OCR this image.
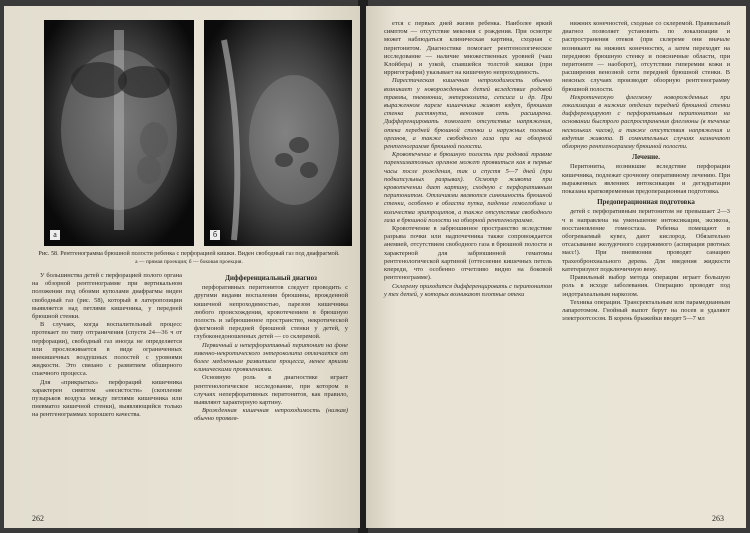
a	б
Рис. 58. Рентгенограмма брюшной полости ребенка с перфорацией кишки. Виден свободный газ под диафрагмой.
а — прямая проекция; б — боковая проекция.

У большинства детей с перфорацией полого органа на обзорной рентгенограмме при вертикальном положении под обоими куполами диафрагмы виден свободный газ (рис. 58), который в латеропозиции выявляется над петлями кишечника, у передней брюшной стенки.

В случаях, когда воспалительный процесс протекает по типу отграничения (спустя 24—36 ч от перфорации), свободный газ иногда не определяется или прослеживается в виде ограниченных внекишечных воздушных полостей с уровнями жидкости. Это связано с развитием обширного спаечного процесса.

Для «прикрытых» перфораций кишечника характерен симптом «несистости» (скопление пузырьков воздуха между петлями кишечника или пневматоз кишечной стенки), выявляющийся только на рентгенограммах хорошего качества.

Дифференциальный диагноз

перфоративных перитонитов следует проводить с другими видами воспаления брюшины, врожденной кишечной непроходимостью, парезом кишечника любого происхождения, кровотечением в брюшную полость и забрюшинное пространство, некротической флегмоной передней брюшной стенки у детей, у глубоконедоношенных детей — со склеремой.

Первичный и неперфоративный перитонит на фоне язвенно-некротического энтероколита отличается от более медленным развитием процесса, менее яркими клиническими проявлениями.

Основную роль в диагностике играет рентгенологическое исследование, при котором в случаях неперфоративных перитонитов, как правило, выявляют характерную картину.

Врожденная кишечная непроходимость (низкая) обычно проявля-

262

ется с первых дней жизни ребенка. Наиболее яркий симптом — отсутствие мекония с рождения. При осмотре может наблюдаться клиническая картина, сходная с перитонитом. Диагностике помогает рентгенологическое исследование — наличие множественных уровней (чаш Клойбера) и узкой, спавшейся толстой кишки (при ирригографии) указывает на кишечную непроходимость.

Парестическая кишечная непроходимость обычно возникает у новорожденных детей вследствие родовой травмы, пневмонии, энтероколита, сепсиса и др. При выраженном парезе кишечника живот вздут, брюшная стенка растянута, венозная сеть расширена. Дифференцировать помогает отсутствие напряжения, отека передней брюшной стенки и наружных половых органов, а также свободного газа при на обзорной рентгенограмме брюшной полости.

Кровотечение в брюшную полость при родовой травме паренхиматозных органов может проявиться как в первые часы после рождения, так и спустя 5—7 дней (при подкапсульных разрывах). Осмотр живота при кровотечении дает картину, сходную с перфоративным перитонитом. Отличиями являются синюшность брюшной стенки, особенно в области пупка, падение гемоглобина и количества эритроцитов, а также отсутствие свободного газа в брюшной полости на обзорной рентгенограмме.

Кровотечение в забрюшинное пространство вследствие разрыва почки или надпочечника также сопровождается анемией, отсутствием свободного газа в брюшной полости и характерной для забрюшинной гематомы рентгенологической картиной (оттеснение кишечных петель кпереди, что особенно отчетливо видно на боковой рентгенограмме).

Склерему приходится дифференцировать с перитонитом у тех детей, у которых возникают плотные отеки

нижних конечностей, сходные со склеремой. Правильный диагноз позволяет установить по локализации и распространения отеков (при склереме они вначале возникают на нижних конечностях, а затем переходят на переднюю брюшную стенку и поясничные области, при перитоните — наоборот), отсутствии гиперемии кожи и расширения венозной сети передней брюшной стенки. В неясных случаях производят обзорную рентгенограмму брюшной полости.

Некротическую флегмону новорожденных при локализации в нижних отделах передней брюшной стенки дифференцируют с перфоративным перитонитом на основании быстрого распространения флегмоны (в течение нескольких часов), а также отсутствия напряжения и вздутия живота. В сомнительных случаях назначают обзорную рентгенограмму брюшной полости.

Лечение.

Перитониты, возникшие вследствие перфорации кишечника, подлежат срочному оперативному лечению. При выраженных явлениях интоксикации и дегидратации показана кратковременная предоперационная подготовка.

Предоперационная подготовка

детей с перфоративным перитонитом не превышает 2—3 ч и направлена на уменьшение интоксикации, эксикоза, восстановление гомеостаза. Ребенка помещают в обогреваемый кувез, дают кислород. Обязательно отсасывание желудочного содержимого (аспирация рвотных масс!). При пневмонии проводят санацию трахеобронхиального дерева. Для введения жидкости катетеризуют подключичную вену.

Правильный выбор метода операции играет большую роль в исходе заболевания. Операцию проводят под эндотрахеальным наркозом.

Техника операции. Трансректальным или парамедианным лапаротомом. Гнойный выпот берут на посев и удаляют электроотсосом. В корень брыжейки вводят 5—7 мл

263
